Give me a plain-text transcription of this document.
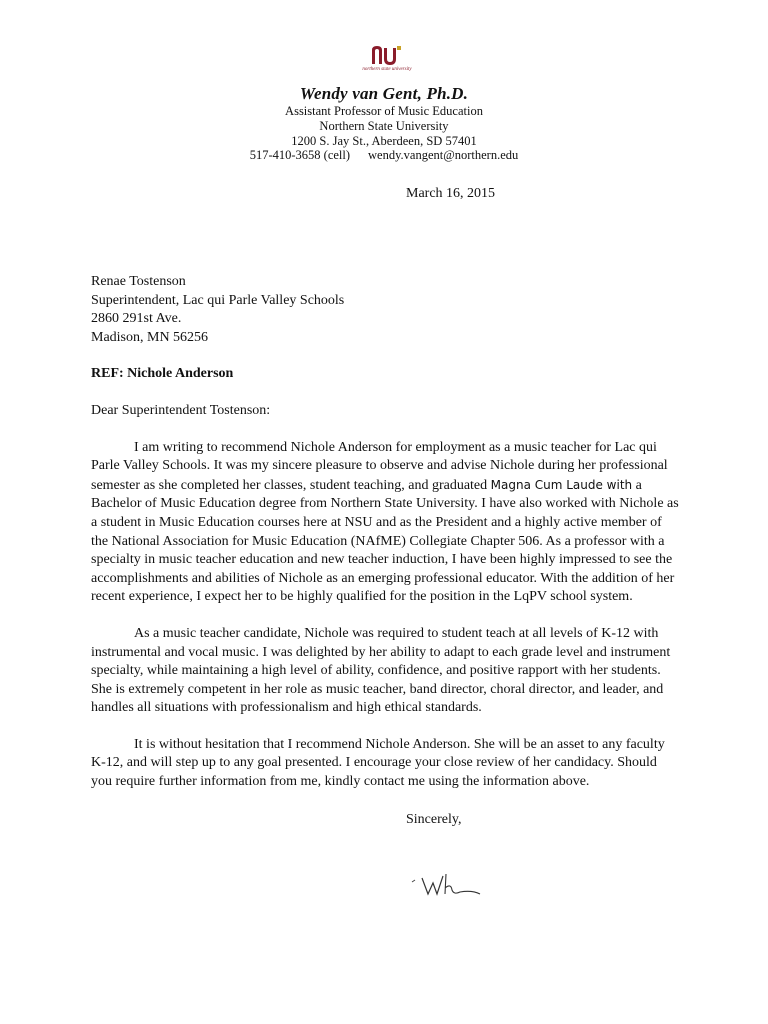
northern state university
Wendy van Gent, Ph.D.
Assistant Professor of Music Education
Northern State University
1200 S. Jay St., Aberdeen, SD 57401
517-410-3658 (cell) wendy.vangent@northern.edu
March 16, 2015
Renae Tostenson
Superintendent, Lac qui Parle Valley Schools
2860 291st Ave.
Madison, MN 56256
REF: Nichole Anderson
Dear Superintendent Tostenson:
I am writing to recommend Nichole Anderson for employment as a music teacher for Lac qui Parle Valley Schools. It was my sincere pleasure to observe and advise Nichole during her professional semester as she completed her classes, student teaching, and graduated Magna Cum Laude with a Bachelor of Music Education degree from Northern State University. I have also worked with Nichole as a student in Music Education courses here at NSU and as the President and a highly active member of the National Association for Music Education (NAfME) Collegiate Chapter 506. As a professor with a specialty in music teacher education and new teacher induction, I have been highly impressed to see the accomplishments and abilities of Nichole as an emerging professional educator. With the addition of her recent experience, I expect her to be highly qualified for the position in the LqPV school system.
As a music teacher candidate, Nichole was required to student teach at all levels of K-12 with instrumental and vocal music. I was delighted by her ability to adapt to each grade level and instrument specialty, while maintaining a high level of ability, confidence, and positive rapport with her students. She is extremely competent in her role as music teacher, band director, choral director, and leader, and handles all situations with professionalism and high ethical standards.
It is without hesitation that I recommend Nichole Anderson. She will be an asset to any faculty K-12, and will step up to any goal presented. I encourage your close review of her candidacy. Should you require further information from me, kindly contact me using the information above.
Sincerely,
